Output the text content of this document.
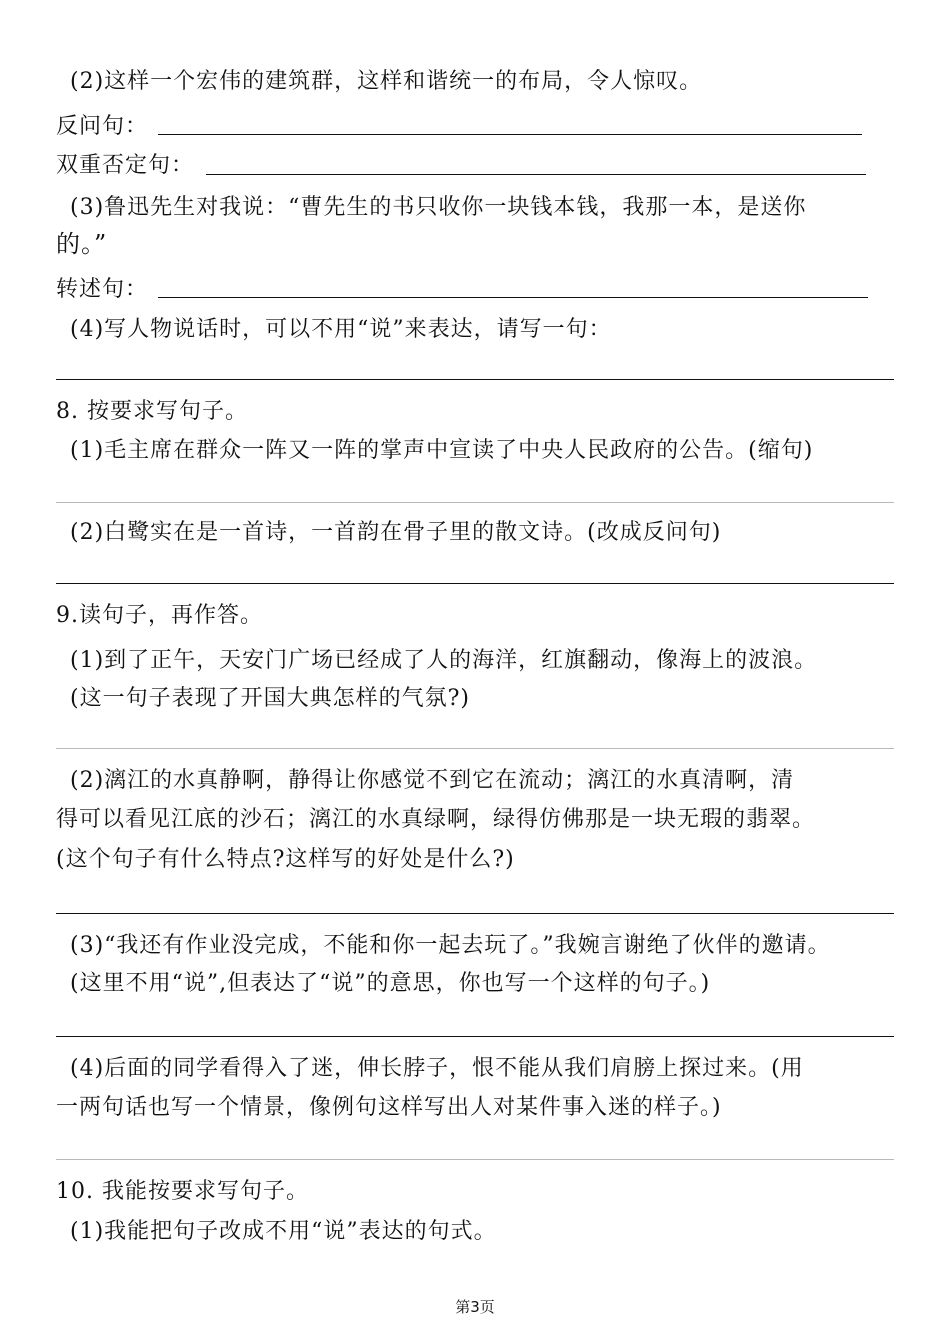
(2)这样一个宏伟的建筑群，这样和谐统一的布局，令人惊叹。
反问句：
双重否定句：
(3)鲁迅先生对我说：“曹先生的书只收你一块钱本钱，我那一本，是送你
的。”
转述句：
(4)写人物说话时，可以不用“说”来表达，请写一句：
8. 按要求写句子。
(1)毛主席在群众一阵又一阵的掌声中宣读了中央人民政府的公告。(缩句)
(2)白鹭实在是一首诗，一首韵在骨子里的散文诗。(改成反问句)
9.读句子，再作答。
(1)到了正午，天安门广场已经成了人的海洋，红旗翻动，像海上的波浪。
(这一句子表现了开国大典怎样的气氛?)
(2)漓江的水真静啊，静得让你感觉不到它在流动；漓江的水真清啊，清
得可以看见江底的沙石；漓江的水真绿啊，绿得仿佛那是一块无瑕的翡翠。
(这个句子有什么特点?这样写的好处是什么?)
(3)“我还有作业没完成，不能和你一起去玩了。”我婉言谢绝了伙伴的邀请。
(这里不用“说”,但表达了“说”的意思，你也写一个这样的句子。)
(4)后面的同学看得入了迷，伸长脖子，恨不能从我们肩膀上探过来。(用
一两句话也写一个情景，像例句这样写出人对某件事入迷的样子。)
10. 我能按要求写句子。
(1)我能把句子改成不用“说”表达的句式。
第3页
